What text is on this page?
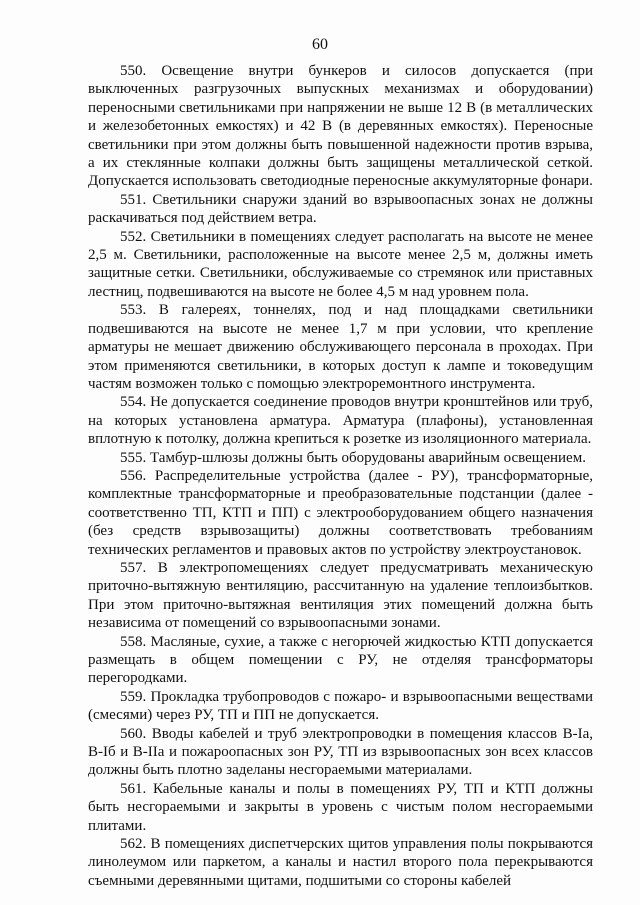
60

550. Освещение внутри бункеров и силосов допускается (при выключенных разгрузочных выпускных механизмах и оборудовании) переносными светильниками при напряжении не выше 12 В (в металлических и железобетонных емкостях) и 42 В (в деревянных емкостях). Переносные светильники при этом должны быть повышенной надежности против взрыва, а их стеклянные колпаки должны быть защищены металлической сеткой. Допускается использовать светодиодные переносные аккумуляторные фонари.

551. Светильники снаружи зданий во взрывоопасных зонах не должны раскачиваться под действием ветра.

552. Светильники в помещениях следует располагать на высоте не менее 2,5 м. Светильники, расположенные на высоте менее 2,5 м, должны иметь защитные сетки. Светильники, обслуживаемые со стремянок или приставных лестниц, подвешиваются на высоте не более 4,5 м над уровнем пола.

553. В галереях, тоннелях, под и над площадками светильники подвешиваются на высоте не менее 1,7 м при условии, что крепление арматуры не мешает движению обслуживающего персонала в проходах. При этом применяются светильники, в которых доступ к лампе и токоведущим частям возможен только с помощью электроремонтного инструмента.

554. Не допускается соединение проводов внутри кронштейнов или труб, на которых установлена арматура. Арматура (плафоны), установленная вплотную к потолку, должна крепиться к розетке из изоляционного материала.

555. Тамбур-шлюзы должны быть оборудованы аварийным освещением.

556. Распределительные устройства (далее - РУ), трансформаторные, комплектные трансформаторные и преобразовательные подстанции (далее - соответственно ТП, КТП и ПП) с электрооборудованием общего назначения (без средств взрывозащиты) должны соответствовать требованиям технических регламентов и правовых актов по устройству электроустановок.

557. В электропомещениях следует предусматривать механическую приточно-вытяжную вентиляцию, рассчитанную на удаление теплоизбытков. При этом приточно-вытяжная вентиляция этих помещений должна быть независима от помещений со взрывоопасными зонами.

558. Масляные, сухие, а также с негорючей жидкостью КТП допускается размещать в общем помещении с РУ, не отделяя трансформаторы перегородками.

559. Прокладка трубопроводов с пожаро- и взрывоопасными веществами (смесями) через РУ, ТП и ПП не допускается.

560. Вводы кабелей и труб электропроводки в помещения классов В-Iа, В-Iб и В-IIа и пожароопасных зон РУ, ТП из взрывоопасных зон всех классов должны быть плотно заделаны несгораемыми материалами.

561. Кабельные каналы и полы в помещениях РУ, ТП и КТП должны быть несгораемыми и закрыты в уровень с чистым полом несгораемыми плитами.

562. В помещениях диспетчерских щитов управления полы покрываются линолеумом или паркетом, а каналы и настил второго пола перекрываются съемными деревянными щитами, подшитыми со стороны кабелей
